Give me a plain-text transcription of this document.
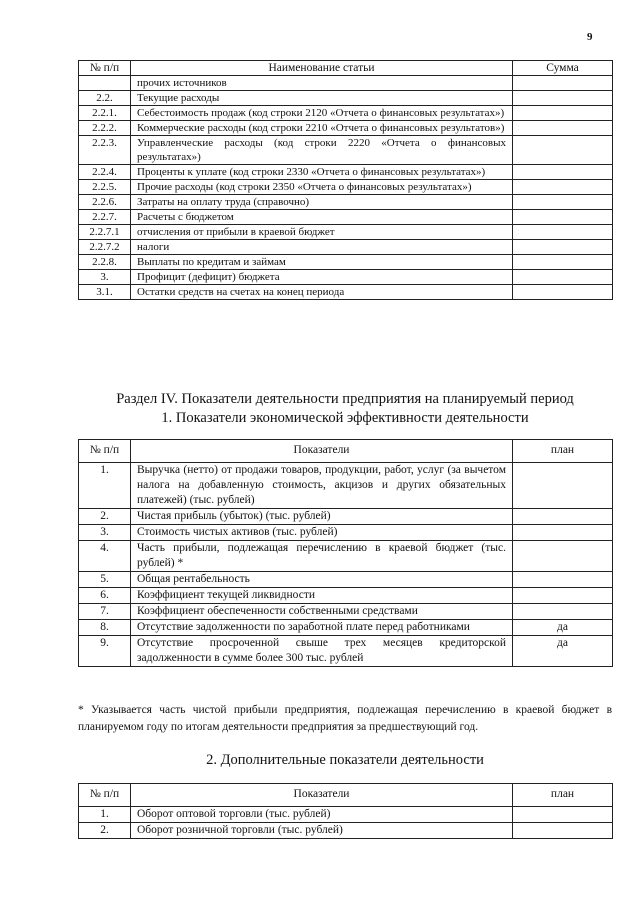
9
№ п/п	Наименование статьи	Сумма
	прочих источников	
2.2.	Текущие расходы	
2.2.1.	Себестоимость продаж (код строки 2120 «Отчета о финансовых результатах»)	
2.2.2.	Коммерческие расходы (код строки 2210 «Отчета о финансовых результатов»)	
2.2.3.	Управленческие расходы (код строки 2220 «Отчета о финансовых результатах»)	
2.2.4.	Проценты к уплате (код строки 2330 «Отчета о финансовых результатах»)	
2.2.5.	Прочие расходы (код строки 2350 «Отчета о финансовых результатах»)	
2.2.6.	Затраты на оплату труда (справочно)	
2.2.7.	Расчеты с бюджетом	
2.2.7.1	отчисления от прибыли в краевой бюджет	
2.2.7.2	налоги	
2.2.8.	Выплаты по кредитам и займам	
3.	Профицит (дефицит) бюджета	
3.1.	Остатки средств на счетах на конец периода	
Раздел IV. Показатели деятельности предприятия на планируемый период
1. Показатели экономической эффективности деятельности
№ п/п	Показатели	план
1.	Выручка (нетто) от продажи товаров, продукции, работ, услуг (за вычетом налога на добавленную стоимость, акцизов и других обязательных платежей) (тыс. рублей)	
2.	Чистая прибыль (убыток) (тыс. рублей)	
3.	Стоимость чистых активов (тыс. рублей)	
4.	Часть прибыли, подлежащая перечислению в краевой бюджет (тыс. рублей) *	
5.	Общая рентабельность	
6.	Коэффициент текущей ликвидности	
7.	Коэффициент обеспеченности собственными средствами	
8.	Отсутствие задолженности по заработной плате перед работниками	да
9.	Отсутствие просроченной свыше трех месяцев кредиторской задолженности в сумме более 300 тыс. рублей	да
* Указывается часть чистой прибыли предприятия, подлежащая перечислению в краевой бюджет в планируемом году по итогам деятельности предприятия за предшествующий год.
2. Дополнительные показатели деятельности
№ п/п	Показатели	план
1.	Оборот оптовой торговли (тыс. рублей)	
2.	Оборот розничной торговли (тыс. рублей)	
